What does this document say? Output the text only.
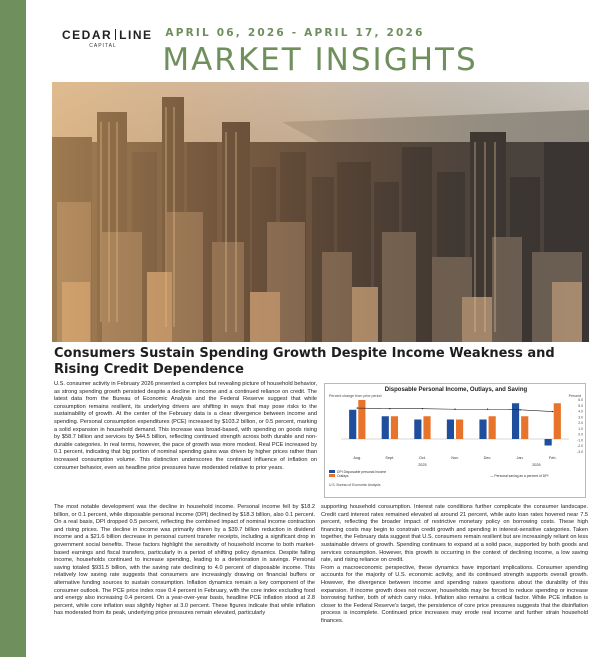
CEDAR LINE
CAPITAL
APRIL 06, 2026 - APRIL 17, 2026
MARKET INSIGHTS
Consumers Sustain Spending Growth Despite Income Weakness and Rising Credit Dependence

U.S. consumer activity in February 2026 presented a complex but revealing picture of household behavior, as strong spending growth persisted despite a decline in income and a continued reliance on credit. The latest data from the Bureau of Economic Analysis and the Federal Reserve suggest that while consumption remains resilient, its underlying drivers are shifting in ways that may pose risks to the sustainability of growth. At the center of the February data is a clear divergence between income and spending. Personal consumption expenditures (PCE) increased by $103.2 billion, or 0.5 percent, marking a solid expansion in household demand. This increase was broad-based, with spending on goods rising by $58.7 billion and services by $44.5 billion, reflecting continued strength across both durable and non-durable categories. In real terms, however, the pace of growth was more modest. Real PCE increased by 0.1 percent, indicating that big portion of nominal spending gains was driven by higher prices rather than increased consumption volume. This distinction underscores the continued influence of inflation on consumer behavior, even as headline price pressures have moderated relative to prior years.

Disposable Personal Income, Outlays, and Saving
Percent change from prior period	Percent
6.0
5.0
4.0
3.0
2.0
1.0
0.0
-1.0
-2.0
-3.0
Aug.	Sept.	Oct.	Nov.	Dec.	Jan.	Feb.
2025	2026
DPI Disposable personal income
Outlays	— Personal saving as a percent of DPI
U.S. Bureau of Economic Analysis

The most notable development was the decline in household income. Personal income fell by $18.2 billion, or 0.1 percent, while disposable personal income (DPI) declined by $18.3 billion, also 0.1 percent. On a real basis, DPI dropped 0.5 percent, reflecting the combined impact of nominal income contraction and rising prices. The decline in income was primarily driven by a $39.7 billion reduction in dividend income and a $21.6 billion decrease in personal current transfer receipts, including a significant drop in government social benefits. These factors highlight the sensitivity of household income to both market-based earnings and fiscal transfers, particularly in a period of shifting policy dynamics. Despite falling income, households continued to increase spending, leading to a deterioration in savings. Personal saving totaled $931.5 billion, with the saving rate declining to 4.0 percent of disposable income. This relatively low saving rate suggests that consumers are increasingly drawing on financial buffers or alternative funding sources to sustain consumption. Inflation dynamics remain a key component of the consumer outlook. The PCE price index rose 0.4 percent in February, with the core index excluding food and energy also increasing 0.4 percent. On a year-over-year basis, headline PCE inflation stood at 2.8 percent, while core inflation was slightly higher at 3.0 percent. These figures indicate that while inflation has moderated from its peak, underlying price pressures remain elevated, particularly

supporting household consumption. Interest rate conditions further complicate the consumer landscape. Credit card interest rates remained elevated at around 21 percent, while auto loan rates hovered near 7.5 percent, reflecting the broader impact of restrictive monetary policy on borrowing costs. These high financing costs may begin to constrain credit growth and spending in interest-sensitive categories. Taken together, the February data suggest that U.S. consumers remain resilient but are increasingly reliant on less sustainable drivers of growth. Spending continues to expand at a solid pace, supported by both goods and services consumption. However, this growth is occurring in the context of declining income, a low saving rate, and rising reliance on credit.

From a macroeconomic perspective, these dynamics have important implications. Consumer spending accounts for the majority of U.S. economic activity, and its continued strength supports overall growth. However, the divergence between income and spending raises questions about the durability of this expansion. If income growth does not recover, households may be forced to reduce spending or increase borrowing further, both of which carry risks. Inflation also remains a critical factor. While PCE inflation is closer to the Federal Reserve's target, the persistence of core price pressures suggests that the disinflation process is incomplete. Continued price increases may erode real income and further strain household finances.
